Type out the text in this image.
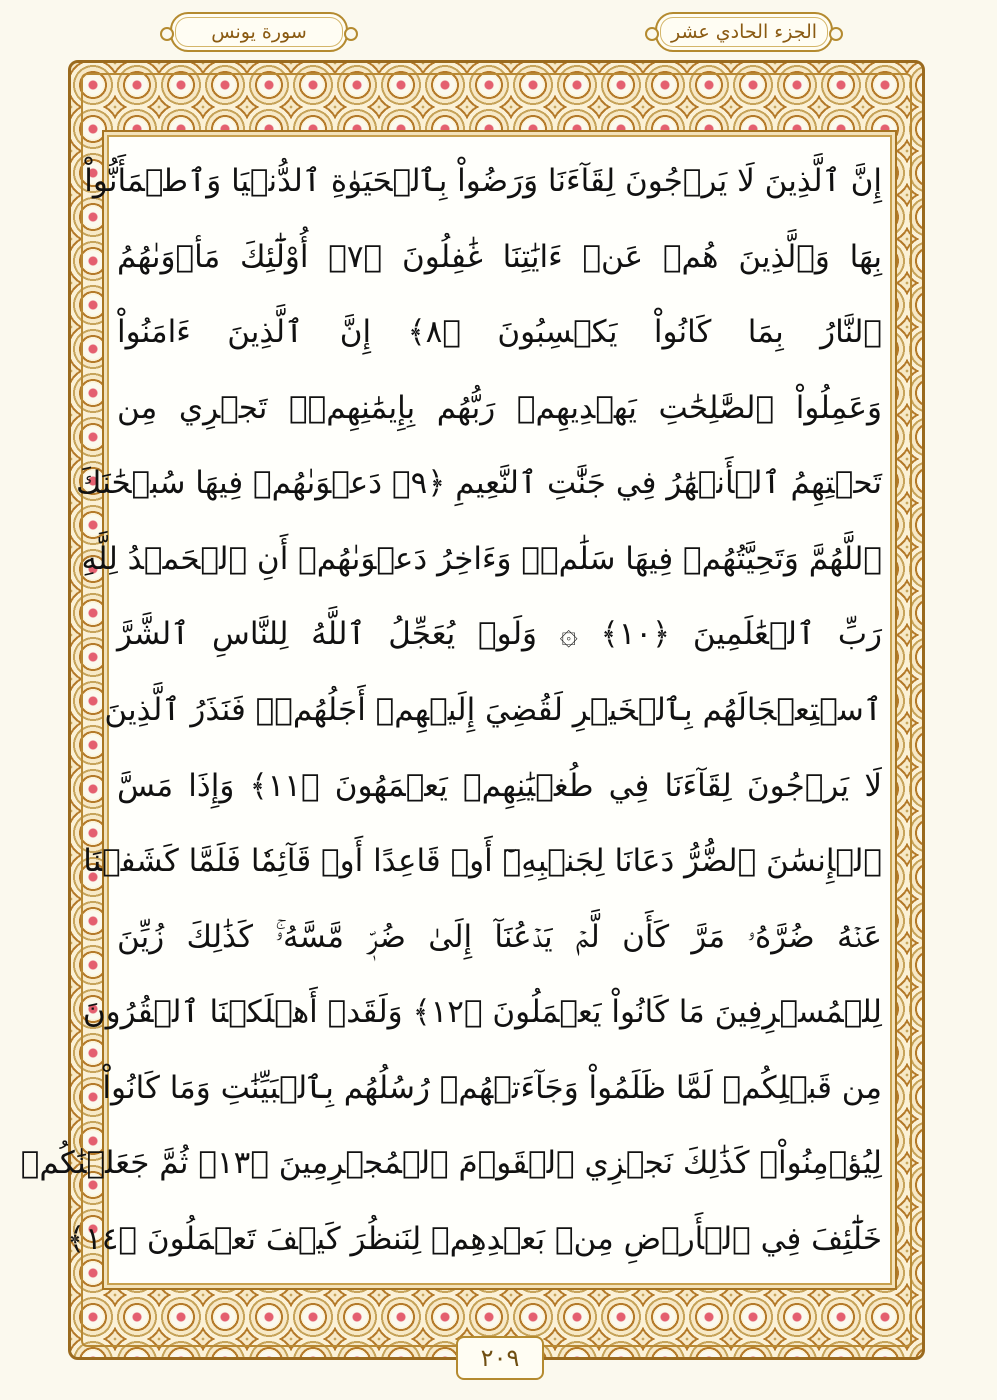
سورة يونس	الجزء الحادي عشر
إِنَّ ٱلَّذِينَ لَا يَرۡجُونَ لِقَآءَنَا وَرَضُواْ بِٱلۡحَيَوٰةِ ٱلدُّنۡيَا وَٱطۡمَأَنُّواْ
بِهَا وَٱلَّذِينَ هُمۡ عَنۡ ءَايَٰتِنَا غَٰفِلُونَ ﴿٧﴾ أُوْلَٰٓئِكَ مَأۡوَىٰهُمُ
ٱلنَّارُ بِمَا كَانُواْ يَكۡسِبُونَ ﴿٨﴾ إِنَّ ٱلَّذِينَ ءَامَنُواْ
وَعَمِلُواْ ٱلصَّٰلِحَٰتِ يَهۡدِيهِمۡ رَبُّهُم بِإِيمَٰنِهِمۡۖ تَجۡرِي مِن
تَحۡتِهِمُ ٱلۡأَنۡهَٰرُ فِي جَنَّٰتِ ٱلنَّعِيمِ ﴿٩﴾ دَعۡوَىٰهُمۡ فِيهَا سُبۡحَٰنَكَ
ٱللَّهُمَّ وَتَحِيَّتُهُمۡ فِيهَا سَلَٰمٞۚ وَءَاخِرُ دَعۡوَىٰهُمۡ أَنِ ٱلۡحَمۡدُ لِلَّهِ
رَبِّ ٱلۡعَٰلَمِينَ ﴿١٠﴾ ۞ وَلَوۡ يُعَجِّلُ ٱللَّهُ لِلنَّاسِ ٱلشَّرَّ
ٱسۡتِعۡجَالَهُم بِٱلۡخَيۡرِ لَقُضِيَ إِلَيۡهِمۡ أَجَلُهُمۡۖ فَنَذَرُ ٱلَّذِينَ
لَا يَرۡجُونَ لِقَآءَنَا فِي طُغۡيَٰنِهِمۡ يَعۡمَهُونَ ﴿١١﴾ وَإِذَا مَسَّ
ٱلۡإِنسَٰنَ ٱلضُّرُّ دَعَانَا لِجَنۢبِهِۦٓ أَوۡ قَاعِدًا أَوۡ قَآئِمٗا فَلَمَّا كَشَفۡنَا
عَنۡهُ ضُرَّهُۥ مَرَّ كَأَن لَّمۡ يَدۡعُنَآ إِلَىٰ ضُرّٖ مَّسَّهُۥۚ كَذَٰلِكَ زُيِّنَ
لِلۡمُسۡرِفِينَ مَا كَانُواْ يَعۡمَلُونَ ﴿١٢﴾ وَلَقَدۡ أَهۡلَكۡنَا ٱلۡقُرُونَ
مِن قَبۡلِكُمۡ لَمَّا ظَلَمُواْ وَجَآءَتۡهُمۡ رُسُلُهُم بِٱلۡبَيِّنَٰتِ وَمَا كَانُواْ
لِيُؤۡمِنُواْۚ كَذَٰلِكَ نَجۡزِي ٱلۡقَوۡمَ ٱلۡمُجۡرِمِينَ ﴿١٣﴾ ثُمَّ جَعَلۡنَٰكُمۡ
خَلَٰٓئِفَ فِي ٱلۡأَرۡضِ مِنۢ بَعۡدِهِمۡ لِنَنظُرَ كَيۡفَ تَعۡمَلُونَ ﴿١٤﴾
٢٠٩
